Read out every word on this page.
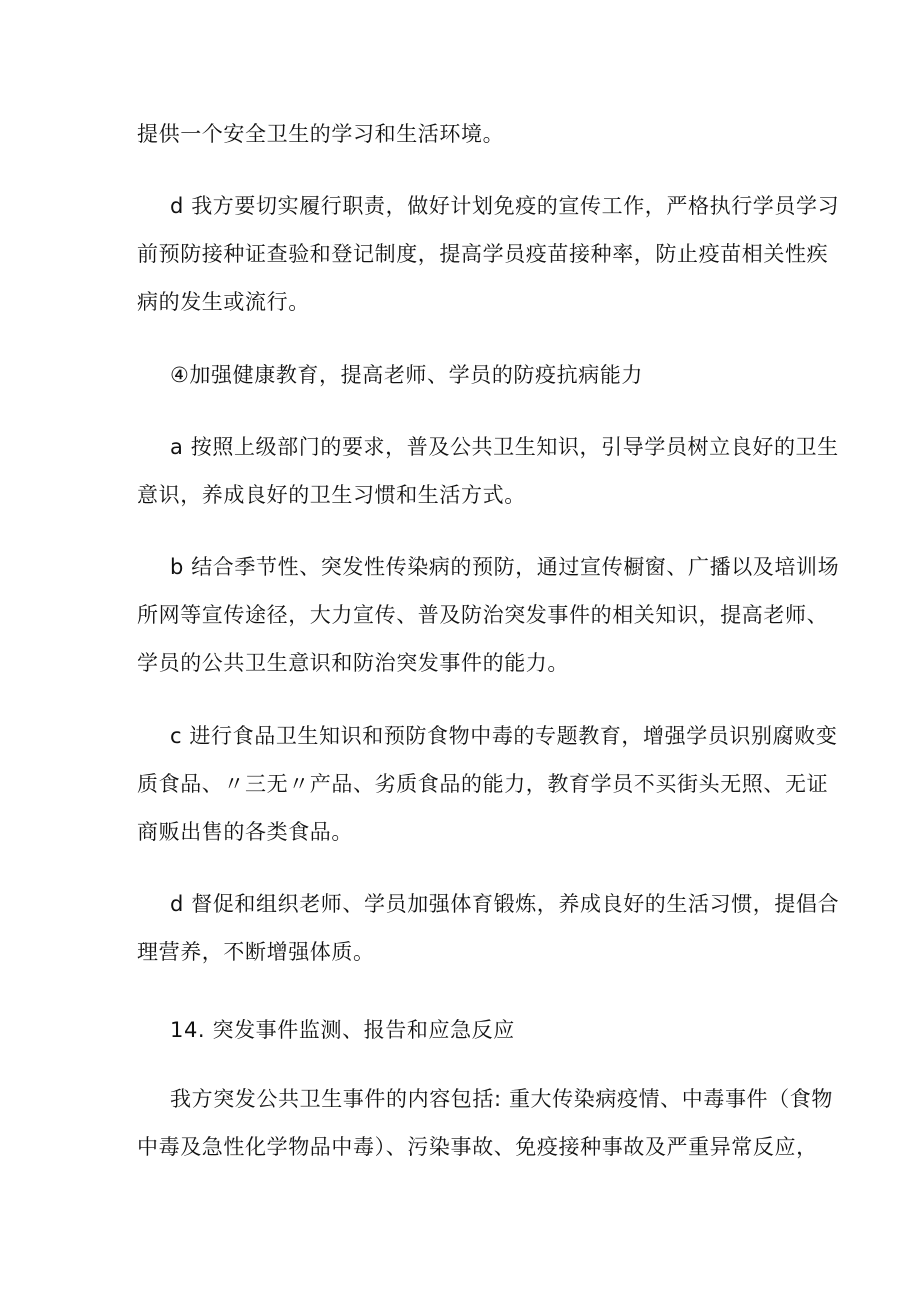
提供一个安全卫生的学习和生活环境。
d 我方要切实履行职责，做好计划免疫的宣传工作，严格执行学员学习
前预防接种证查验和登记制度，提高学员疫苗接种率，防止疫苗相关性疾
病的发生或流行。
④加强健康教育，提高老师、学员的防疫抗病能力
a 按照上级部门的要求，普及公共卫生知识，引导学员树立良好的卫生
意识，养成良好的卫生习惯和生活方式。
b 结合季节性、突发性传染病的预防，通过宣传橱窗、广播以及培训场
所网等宣传途径，大力宣传、普及防治突发事件的相关知识，提高老师、
学员的公共卫生意识和防治突发事件的能力。
c 进行食品卫生知识和预防食物中毒的专题教育，增强学员识别腐败变
质食品、〃三无〃产品、劣质食品的能力，教育学员不买街头无照、无证
商贩出售的各类食品。
d 督促和组织老师、学员加强体育锻炼，养成良好的生活习惯，提倡合
理营养，不断增强体质。
14. 突发事件监测、报告和应急反应
我方突发公共卫生事件的内容包括: 重大传染病疫情、中毒事件（食物
中毒及急性化学物品中毒）、污染事故、免疫接种事故及严重异常反应，
